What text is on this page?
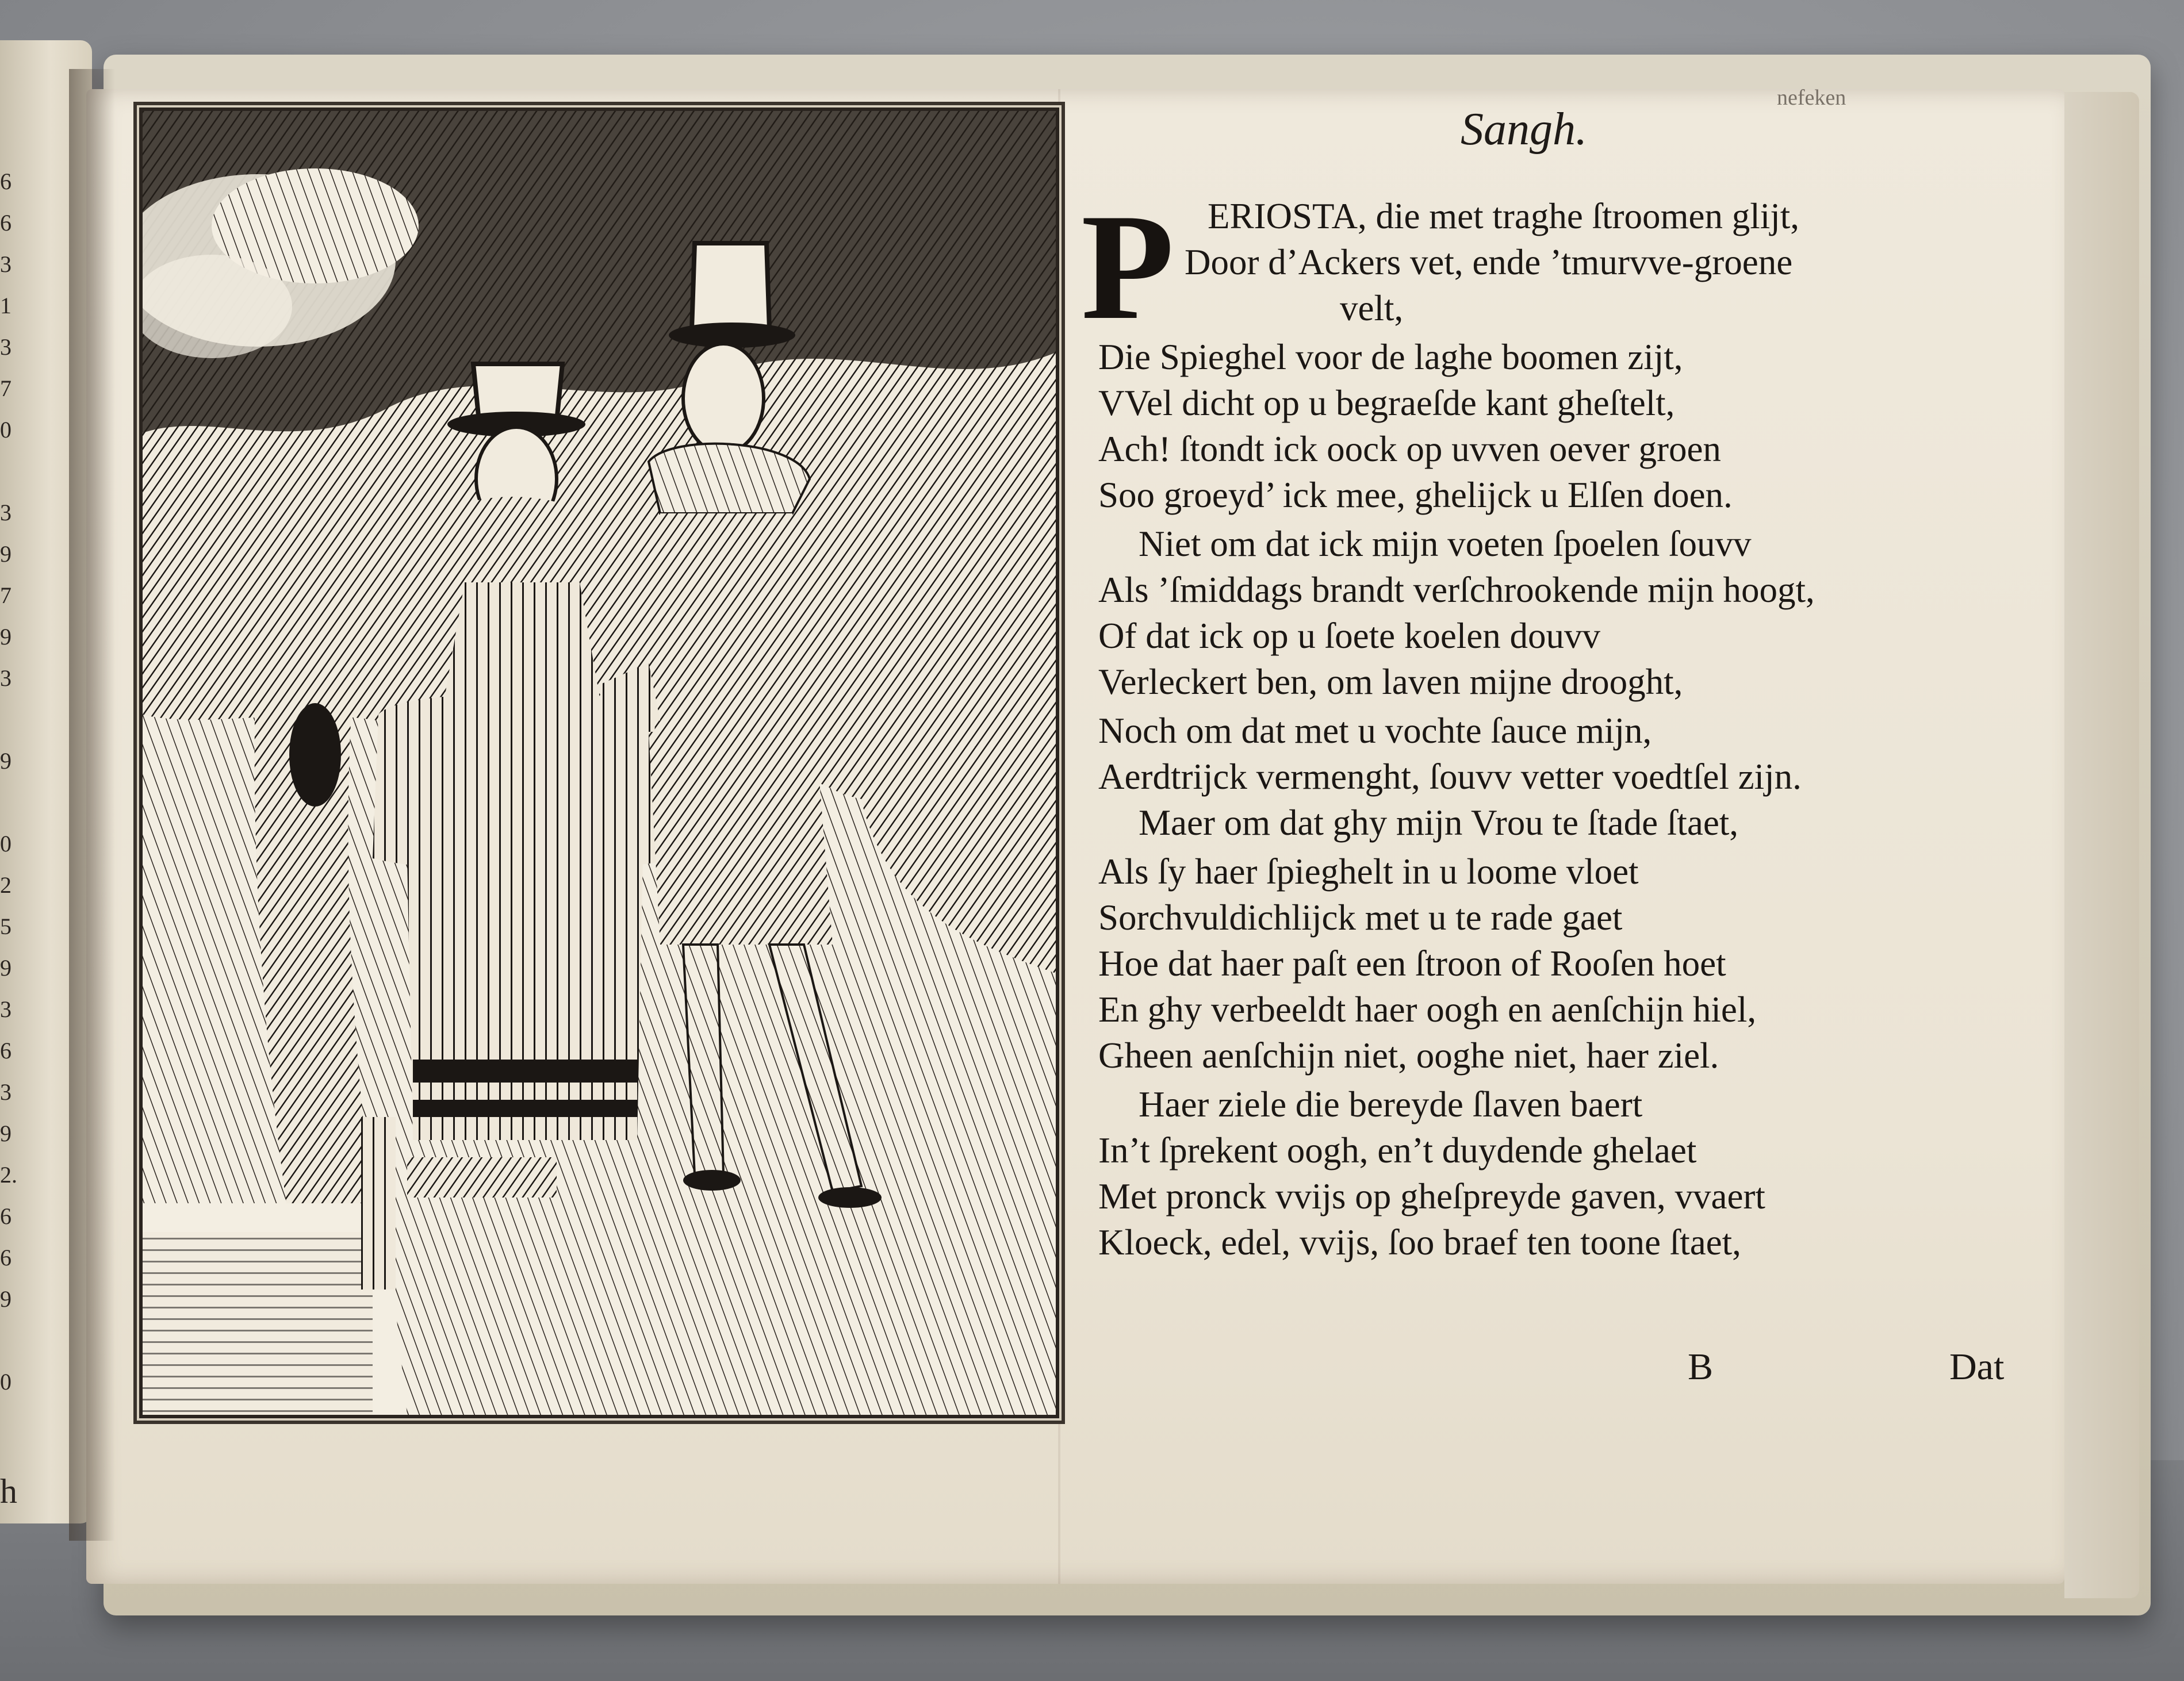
6
6
3
1
3
7
0
3
9
7
9
3
9
0
2
5
9
3
6
3
9
2.
6
6
9
0
h
nefeken
Sangh.
P ERIOSTA, die met traghe ſtroomen glijt,
Door d’Ackers vet, ende ’tmurvve-groene
velt,
Die Spieghel voor de laghe boomen zijt,
VVel dicht op u begraeſde kant gheſtelt,
Ach! ſtondt ick oock op uvven oever groen
Soo groeyd’ ick mee, ghelijck u Elſen doen.
Niet om dat ick mijn voeten ſpoelen ſouvv
Als ’ſmiddags brandt verſchrookende mijn hoogt,
Of dat ick op u ſoete koelen douvv
Verleckert ben, om laven mijne drooght,
Noch om dat met u vochte ſauce mijn,
Aerdtrijck vermenght, ſouvv vetter voedtſel zijn.
Maer om dat ghy mijn Vrou te ſtade ſtaet,
Als ſy haer ſpieghelt in u loome vloet
Sorchvuldichlijck met u te rade gaet
Hoe dat haer paſt een ſtroon of Rooſen hoet
En ghy verbeeldt haer oogh en aenſchijn hiel,
Gheen aenſchijn niet, ooghe niet, haer ziel.
Haer ziele die bereyde ſlaven baert
In’t ſprekent oogh, en’t duydende ghelaet
Met pronck vvijs op gheſpreyde gaven, vvaert
Kloeck, edel, vvijs, ſoo braef ten toone ſtaet,
B	Dat
